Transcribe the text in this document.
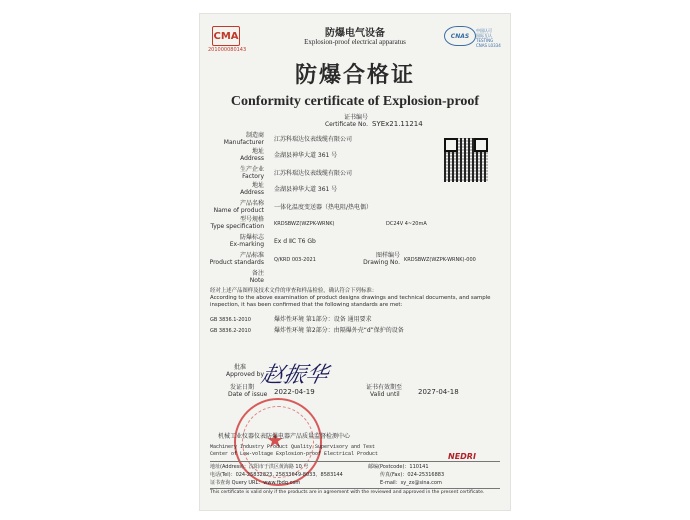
CMA
201000080143
CNAS
中国认可
国际互认
TESTING
CNAS L0334
防爆电气设备
Explosion-proof electrical apparatus
防爆合格证
Conformity certificate of Explosion-proof
证书编号
Certificate No. SYEx21.11214
制造商
Manufacturer 江苏科瑞达仪表线缆有限公司
地址
Address 金湖县神华大道 361 号
生产企业
Factory 江苏科瑞达仪表线缆有限公司
地址
Address 金湖县神华大道 361 号
产品名称
Name of product 一体化温度变送器（热电阻/热电偶）
型号规格
Type specification KRDSBWZ(WZPK-WRNK)	DC24V 4~20mA
防爆标志
Ex-marking Ex d ⅡC T6 Gb
产品标准
Product standards Q/KRD 003-2021
图样编号
Drawing No. KRDSBWZ(WZPK-WRNK)-000
备注
Note
经对上述产品图样及技术文件的审查和样品检验，确认符合下列标准：
According to the above examination of product designs drawings and technical documents, and sample inspection, it has been confirmed that the following standards are met:
GB 3836.1-2010	爆炸性环境 第1部分：设备 通用要求
GB 3836.2-2010	爆炸性环境 第2部分：由隔爆外壳“d”保护的设备
批准
Approved by
赵振华
★
发证日期
Date of issue 2022-04-19
证书有效期至
Valid until	2027-04-18
机械工业仪器仪表防爆电器产品质量监督检测中心
Machinery Industry Product Quality Supervisory and Test
Center of Low-voltage Explosion-proof Electrical Product	NEDRI
地址(Address)：沈阳市于洪区黄海路 10 号	邮编(Postcode)：110141
电话(Tel)：024-25832823, 25833649-8033、8583144	传真(Fax)：024-25316883
证书查询 Query URL：www.fbdq.com	E-mail：sy_zx@sina.com
This certificate is valid only if the products are in agreement with the reviewed and approved in the present certificate.
